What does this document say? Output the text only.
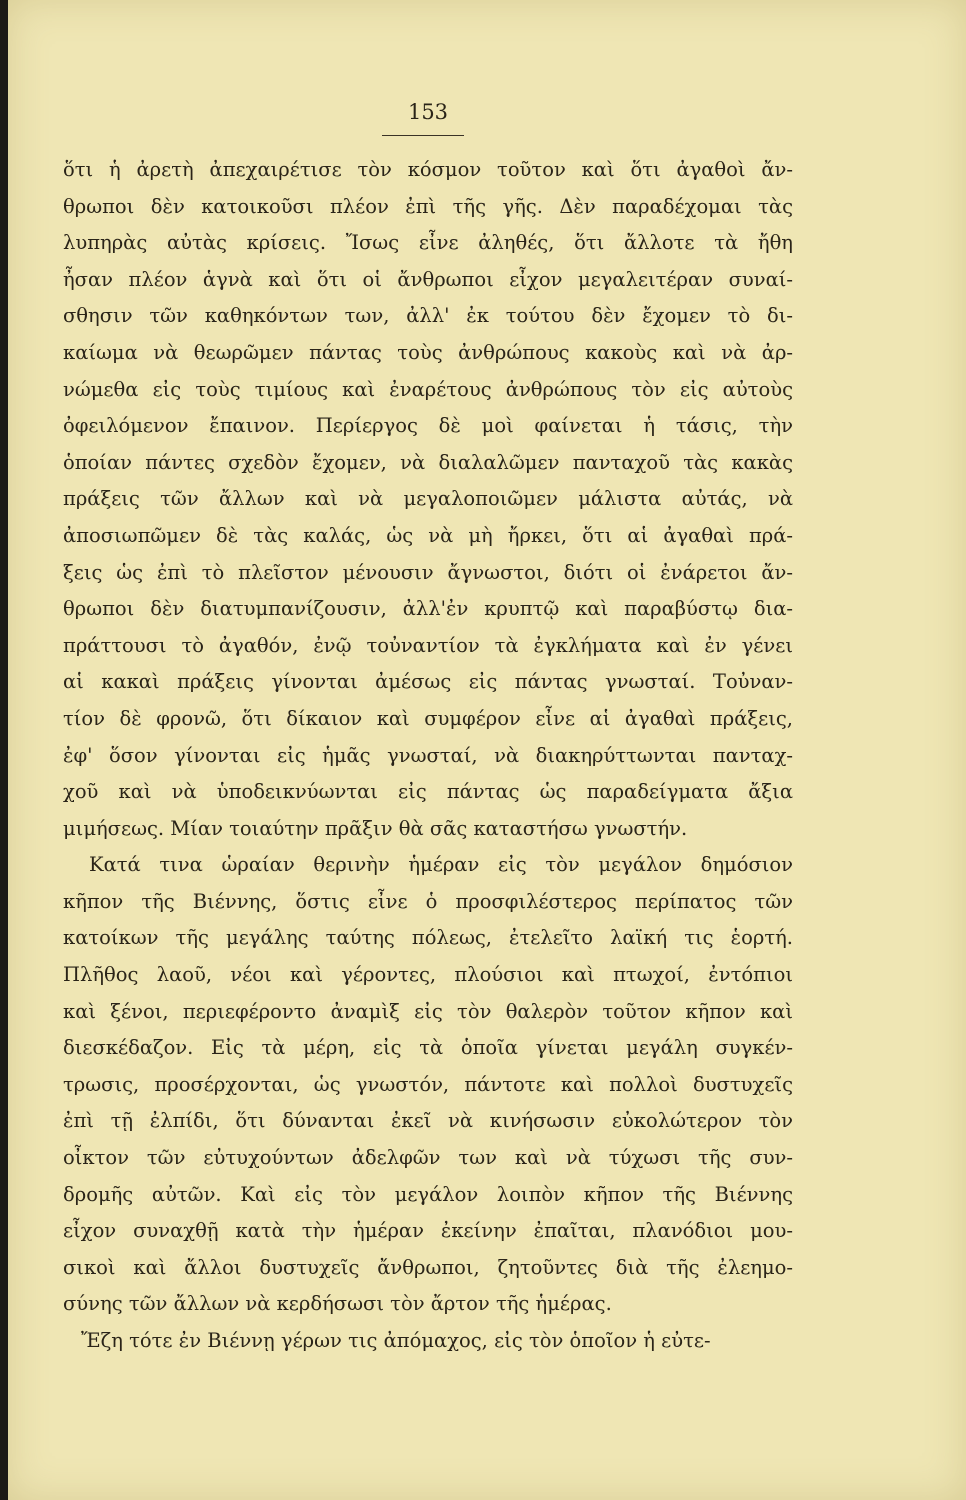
153
ὅτι ἡ ἀρετὴ ἀπεχαιρέτισε τὸν κόσμον τοῦτον καὶ ὅτι ἀγαθοὶ ἄν-
θρωποι δὲν κατοικοῦσι πλέον ἐπὶ τῆς γῆς. Δὲν παραδέχομαι τὰς
λυπηρὰς αὐτὰς κρίσεις. Ἴσως εἶνε ἀληθές, ὅτι ἄλλοτε τὰ ἤθη
ἦσαν πλέον ἁγνὰ καὶ ὅτι οἱ ἄνθρωποι εἶχον μεγαλειτέραν συναί-
σθησιν τῶν καθηκόντων των, ἀλλ' ἐκ τούτου δὲν ἔχομεν τὸ δι-
καίωμα νὰ θεωρῶμεν πάντας τοὺς ἀνθρώπους κακοὺς καὶ νὰ ἀρ-
νώμεθα εἰς τοὺς τιμίους καὶ ἐναρέτους ἀνθρώπους τὸν εἰς αὐτοὺς
ὀφειλόμενον ἔπαινον. Περίεργος δὲ μοὶ φαίνεται ἡ τάσις, τὴν
ὁποίαν πάντες σχεδὸν ἔχομεν, νὰ διαλαλῶμεν πανταχοῦ τὰς κακὰς
πράξεις τῶν ἄλλων καὶ νὰ μεγαλοποιῶμεν μάλιστα αὐτάς, νὰ
ἀποσιωπῶμεν δὲ τὰς καλάς, ὡς νὰ μὴ ἤρκει, ὅτι αἱ ἀγαθαὶ πρά-
ξεις ὡς ἐπὶ τὸ πλεῖστον μένουσιν ἄγνωστοι, διότι οἱ ἐνάρετοι ἄν-
θρωποι δὲν διατυμπανίζουσιν, ἀλλ'ἐν κρυπτῷ καὶ παραβύστῳ δια-
πράττουσι τὸ ἀγαθόν, ἐνῷ τοὐναντίον τὰ ἐγκλήματα καὶ ἐν γένει
αἱ κακαὶ πράξεις γίνονται ἀμέσως εἰς πάντας γνωσταί. Τοὐναν-
τίον δὲ φρονῶ, ὅτι δίκαιον καὶ συμφέρον εἶνε αἱ ἀγαθαὶ πράξεις,
ἐφ' ὅσον γίνονται εἰς ἡμᾶς γνωσταί, νὰ διακηρύττωνται πανταχ-
χοῦ καὶ νὰ ὑποδεικνύωνται εἰς πάντας ὡς παραδείγματα ἄξια
μιμήσεως. Μίαν τοιαύτην πρᾶξιν θὰ σᾶς καταστήσω γνωστήν.
Κατά τινα ὡραίαν θερινὴν ἡμέραν εἰς τὸν μεγάλον δημόσιον
κῆπον τῆς Βιέννης, ὅστις εἶνε ὁ προσφιλέστερος περίπατος τῶν
κατοίκων τῆς μεγάλης ταύτης πόλεως, ἐτελεῖτο λαϊκή τις ἑορτή.
Πλῆθος λαοῦ, νέοι καὶ γέροντες, πλούσιοι καὶ πτωχοί, ἐντόπιοι
καὶ ξένοι, περιεφέροντο ἀναμὶξ εἰς τὸν θαλερὸν τοῦτον κῆπον καὶ
διεσκέδαζον. Εἰς τὰ μέρη, εἰς τὰ ὁποῖα γίνεται μεγάλη συγκέν-
τρωσις, προσέρχονται, ὡς γνωστόν, πάντοτε καὶ πολλοὶ δυστυχεῖς
ἐπὶ τῇ ἐλπίδι, ὅτι δύνανται ἐκεῖ νὰ κινήσωσιν εὐκολώτερον τὸν
οἶκτον τῶν εὐτυχούντων ἀδελφῶν των καὶ νὰ τύχωσι τῆς συν-
δρομῆς αὐτῶν. Καὶ εἰς τὸν μεγάλον λοιπὸν κῆπον τῆς Βιέννης
εἶχον συναχθῇ κατὰ τὴν ἡμέραν ἐκείνην ἐπαῖται, πλανόδιοι μου-
σικοὶ καὶ ἄλλοι δυστυχεῖς ἄνθρωποι, ζητοῦντες διὰ τῆς ἐλεημο-
σύνης τῶν ἄλλων νὰ κερδήσωσι τὸν ἄρτον τῆς ἡμέρας.
Ἔζη τότε ἐν Βιέννῃ γέρων τις ἀπόμαχος, εἰς τὸν ὁποῖον ἡ εὐτε-
